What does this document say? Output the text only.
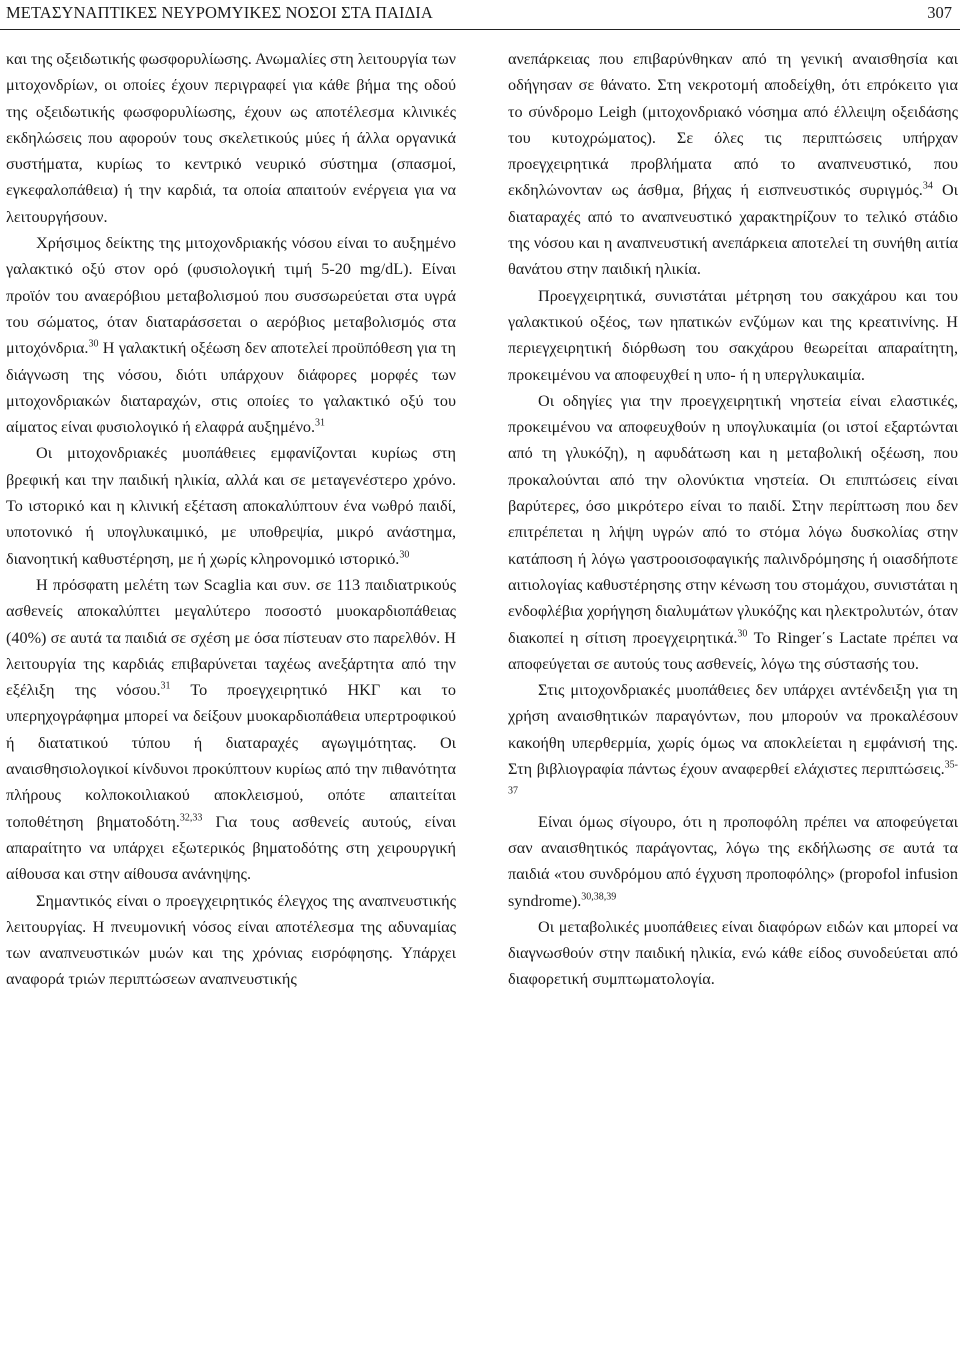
ΜΕΤΑΣΥΝΑΠΤΙΚΕΣ ΝΕΥΡΟΜΥΙΚΕΣ ΝΟΣΟΙ ΣΤΑ ΠΑΙΔΙΑ	307

και της οξειδωτικής φωσφορυλίωσης. Ανωμαλίες στη λειτουργία των μιτοχονδρίων, οι οποίες έχουν περιγραφεί για κάθε βήμα της οδού της οξειδωτικής φωσφορυλίωσης, έχουν ως αποτέλεσμα κλινικές εκδηλώσεις που αφορούν τους σκελετικούς μύες ή άλλα οργανικά συστήματα, κυρίως το κεντρικό νευρικό σύστημα (σπασμοί, εγκεφαλοπάθεια) ή την καρδιά, τα οποία απαιτούν ενέργεια για να λειτουργήσουν.

Χρήσιμος δείκτης της μιτοχονδριακής νόσου είναι το αυξημένο γαλακτικό οξύ στον ορό (φυσιολογική τιμή 5-20 mg/dL). Είναι προϊόν του αναερόβιου μεταβολισμού που συσσωρεύεται στα υγρά του σώματος, όταν διαταράσσεται ο αερόβιος μεταβολισμός στα μιτοχόνδρια.$^{30}$ Η γαλακτική οξέωση δεν αποτελεί προϋπόθεση για τη διάγνωση της νόσου, διότι υπάρχουν διάφορες μορφές των μιτοχονδριακών διαταραχών, στις οποίες το γαλακτικό οξύ του αίματος είναι φυσιολογικό ή ελαφρά αυξημένο.$^{31}$

Οι μιτοχονδριακές μυοπάθειες εμφανίζονται κυρίως στη βρεφική και την παιδική ηλικία, αλλά και σε μεταγενέστερο χρόνο. Το ιστορικό και η κλινική εξέταση αποκαλύπτουν ένα νωθρό παιδί, υποτονικό ή υπογλυκαιμικό, με υποθρεψία, μικρό ανάστημα, διανοητική καθυστέρηση, με ή χωρίς κληρονομικό ιστορικό.$^{30}$

Η πρόσφατη μελέτη των Scaglia και συν. σε 113 παιδιατρικούς ασθενείς αποκαλύπτει μεγαλύτερο ποσοστό μυοκαρδιοπάθειας (40%) σε αυτά τα παιδιά σε σχέση με όσα πίστευαν στο παρελθόν. Η λειτουργία της καρδιάς επιβαρύνεται ταχέως ανεξάρτητα από την εξέλιξη της νόσου.$^{31}$ Το προεγχειρητικό ΗΚΓ και το υπερηχογράφημα μπορεί να δείξουν μυοκαρδιοπάθεια υπερτροφικού ή διατατικού τύπου ή διαταραχές αγωγιμότητας. Οι αναισθησιολογικοί κίνδυνοι προκύπτουν κυρίως από την πιθανότητα πλήρους κολποκοιλιακού αποκλεισμού, οπότε απαιτείται τοποθέτηση βηματοδότη.$^{32,33}$ Για τους ασθενείς αυτούς, είναι απαραίτητο να υπάρχει εξωτερικός βηματοδότης στη χειρουργική αίθουσα και στην αίθουσα ανάνηψης.

Σημαντικός είναι ο προεγχειρητικός έλεγχος της αναπνευστικής λειτουργίας. Η πνευμονική νόσος είναι αποτέλεσμα της αδυναμίας των αναπνευστικών μυών και της χρόνιας εισρόφησης. Υπάρχει αναφορά τριών περιπτώσεων αναπνευστικής

ανεπάρκειας που επιβαρύνθηκαν από τη γενική αναισθησία και οδήγησαν σε θάνατο. Στη νεκροτομή αποδείχθη, ότι επρόκειτο για το σύνδρομο Leigh (μιτοχονδριακό νόσημα από έλλειψη οξειδάσης του κυτοχρώματος). Σε όλες τις περιπτώσεις υπήρχαν προεγχειρητικά προβλήματα από το αναπνευστικό, που εκδηλώνονταν ως άσθμα, βήχας ή εισπνευστικός συριγμός.$^{34}$ Οι διαταραχές από το αναπνευστικό χαρακτηρίζουν το τελικό στάδιο της νόσου και η αναπνευστική ανεπάρκεια αποτελεί τη συνήθη αιτία θανάτου στην παιδική ηλικία.

Προεγχειρητικά, συνιστάται μέτρηση του σακχάρου και του γαλακτικού οξέος, των ηπατικών ενζύμων και της κρεατινίνης. Η περιεγχειρητική διόρθωση του σακχάρου θεωρείται απαραίτητη, προκειμένου να αποφευχθεί η υπο- ή η υπεργλυκαιμία.

Οι οδηγίες για την προεγχειρητική νηστεία είναι ελαστικές, προκειμένου να αποφευχθούν η υπογλυκαιμία (οι ιστοί εξαρτώνται από τη γλυκόζη), η αφυδάτωση και η μεταβολική οξέωση, που προκαλούνται από την ολονύκτια νηστεία. Οι επιπτώσεις είναι βαρύτερες, όσο μικρότερο είναι το παιδί. Στην περίπτωση που δεν επιτρέπεται η λήψη υγρών από το στόμα λόγω δυσκολίας στην κατάποση ή λόγω γαστροοισοφαγικής παλινδρόμησης ή οιασδήποτε αιτιολογίας καθυστέρησης στην κένωση του στομάχου, συνιστάται η ενδοφλέβια χορήγηση διαλυμάτων γλυκόζης και ηλεκτρολυτών, όταν διακοπεί η σίτιση προεγχειρητικά.$^{30}$ Το Ringer΄s Lactate πρέπει να αποφεύγεται σε αυτούς τους ασθενείς, λόγω της σύστασής του.

Στις μιτοχονδριακές μυοπάθειες δεν υπάρχει αντένδειξη για τη χρήση αναισθητικών παραγόντων, που μπορούν να προκαλέσουν κακοήθη υπερθερμία, χωρίς όμως να αποκλείεται η εμφάνισή της. Στη βιβλιογραφία πάντως έχουν αναφερθεί ελάχιστες περιπτώσεις.$^{35-37}$

Είναι όμως σίγουρο, ότι η προποφόλη πρέπει να αποφεύγεται σαν αναισθητικός παράγοντας, λόγω της εκδήλωσης σε αυτά τα παιδιά «του συνδρόμου από έγχυση προποφόλης» (propofol infusion syndrome).$^{30,38,39}$

Οι μεταβολικές μυοπάθειες είναι διαφόρων ειδών και μπορεί να διαγνωσθούν στην παιδική ηλικία, ενώ κάθε είδος συνοδεύεται από διαφορετική συμπτωματολογία.
